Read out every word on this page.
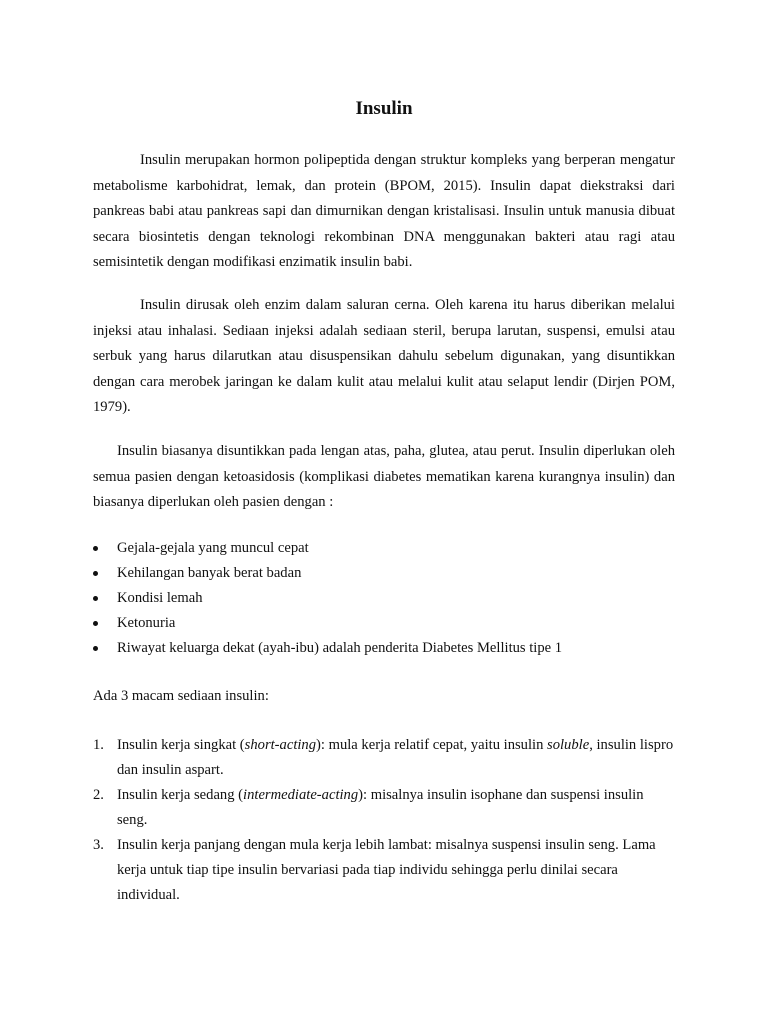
Insulin

Insulin merupakan hormon polipeptida dengan struktur kompleks yang berperan mengatur metabolisme karbohidrat, lemak, dan protein (BPOM, 2015). Insulin dapat diekstraksi dari pankreas babi atau pankreas sapi dan dimurnikan dengan kristalisasi. Insulin untuk manusia dibuat secara biosintetis dengan teknologi rekombinan DNA menggunakan bakteri atau ragi atau semisintetik dengan modifikasi enzimatik insulin babi.

Insulin dirusak oleh enzim dalam saluran cerna. Oleh karena itu harus diberikan melalui injeksi atau inhalasi. Sediaan injeksi adalah sediaan steril, berupa larutan, suspensi, emulsi atau serbuk yang harus dilarutkan atau disuspensikan dahulu sebelum digunakan, yang disuntikkan dengan cara merobek jaringan ke dalam kulit atau melalui kulit atau selaput lendir (Dirjen POM, 1979).

Insulin biasanya disuntikkan pada lengan atas, paha, glutea, atau perut. Insulin diperlukan oleh semua pasien dengan ketoasidosis (komplikasi diabetes mematikan karena kurangnya insulin) dan biasanya diperlukan oleh pasien dengan :

Gejala-gejala yang muncul cepat
Kehilangan banyak berat badan
Kondisi lemah
Ketonuria
Riwayat keluarga dekat (ayah-ibu) adalah penderita Diabetes Mellitus tipe 1

Ada 3 macam sediaan insulin:

1. Insulin kerja singkat (short-acting): mula kerja relatif cepat, yaitu insulin soluble, insulin lispro dan insulin aspart.
2. Insulin kerja sedang (intermediate-acting): misalnya insulin isophane dan suspensi insulin seng.
3. Insulin kerja panjang dengan mula kerja lebih lambat: misalnya suspensi insulin seng. Lama kerja untuk tiap tipe insulin bervariasi pada tiap individu sehingga perlu dinilai secara individual.
